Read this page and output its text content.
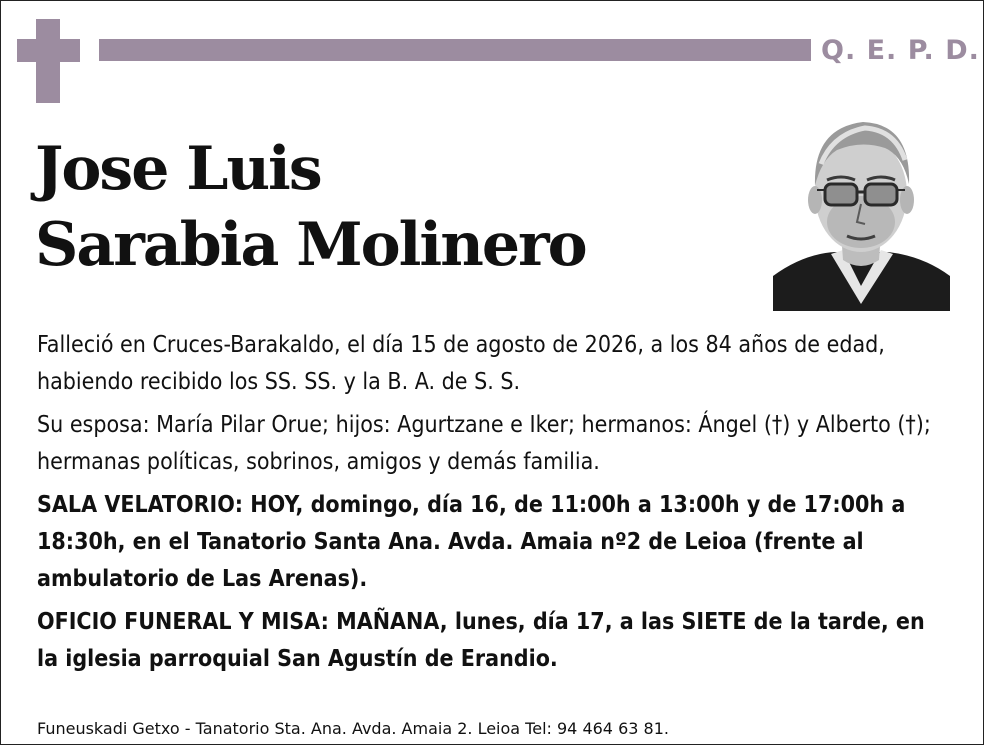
Q. E. P. D.
Jose Luis
Sarabia Molinero

Falleció en Cruces-Barakaldo, el día 15 de agosto de 2026, a los 84 años de edad, habiendo recibido los SS. SS. y la B. A. de S. S.

Su esposa: María Pilar Orue; hijos: Agurtzane e Iker; hermanos: Ángel (†) y Alberto (†); hermanas políticas, sobrinos, amigos y demás familia.

SALA VELATORIO: HOY, domingo, día 16, de 11:00h a 13:00h y de 17:00h a 18:30h, en el Tanatorio Santa Ana. Avda. Amaia nº2 de Leioa (frente al ambulatorio de Las Arenas).

OFICIO FUNERAL Y MISA: MAÑANA, lunes, día 17, a las SIETE de la tarde, en la iglesia parroquial San Agustín de Erandio.

Funeuskadi Getxo - Tanatorio Sta. Ana. Avda. Amaia 2. Leioa Tel: 94 464 63 81.
